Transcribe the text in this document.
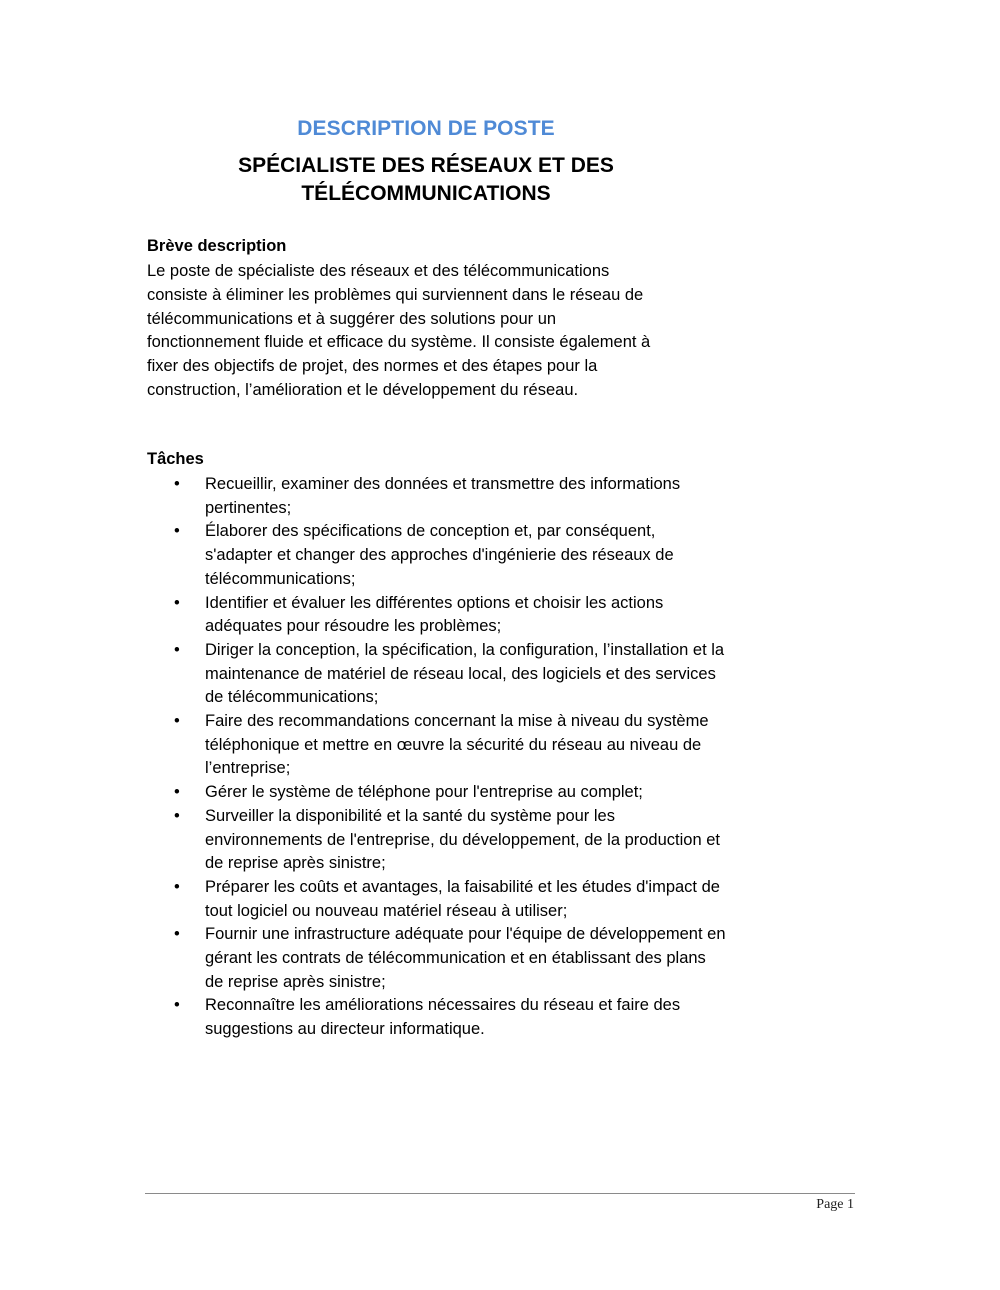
DESCRIPTION DE POSTE
SPÉCIALISTE DES RÉSEAUX ET DES
TÉLÉCOMMUNICATIONS
Brève description
Le poste de spécialiste des réseaux et des télécommunications
consiste à éliminer les problèmes qui surviennent dans le réseau de
télécommunications et à suggérer des solutions pour un
fonctionnement fluide et efficace du système. Il consiste également à
fixer des objectifs de projet, des normes et des étapes pour la
construction, l’amélioration et le développement du réseau.
Tâches
• Recueillir, examiner des données et transmettre des informations pertinentes;
• Élaborer des spécifications de conception et, par conséquent, s'adapter et changer des approches d'ingénierie des réseaux de télécommunications;
• Identifier et évaluer les différentes options et choisir les actions adéquates pour résoudre les problèmes;
• Diriger la conception, la spécification, la configuration, l’installation et la maintenance de matériel de réseau local, des logiciels et des services de télécommunications;
• Faire des recommandations concernant la mise à niveau du système téléphonique et mettre en œuvre la sécurité du réseau au niveau de l’entreprise;
• Gérer le système de téléphone pour l'entreprise au complet;
• Surveiller la disponibilité et la santé du système pour les environnements de l'entreprise, du développement, de la production et de reprise après sinistre;
• Préparer les coûts et avantages, la faisabilité et les études d'impact de tout logiciel ou nouveau matériel réseau à utiliser;
• Fournir une infrastructure adéquate pour l'équipe de développement en gérant les contrats de télécommunication et en établissant des plans de reprise après sinistre;
• Reconnaître les améliorations nécessaires du réseau et faire des suggestions au directeur informatique.
Page 1
